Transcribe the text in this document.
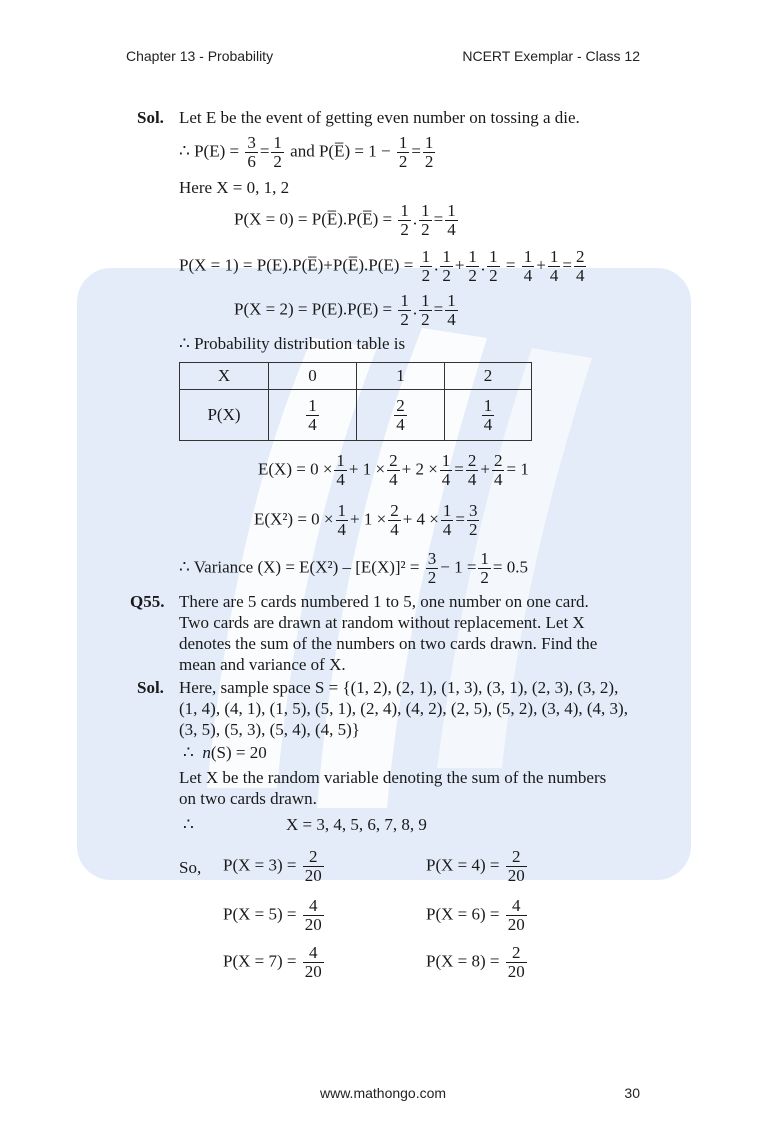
Chapter 13 - Probability	NCERT Exemplar - Class 12
Sol. Let E be the event of getting even number on tossing a die.
∴ $P(E) = \frac{3}{6} = \frac{1}{2}$ and P(E̅) = $1 - \frac{1}{2} = \frac{1}{2}$
Here X = 0, 1, 2
P(X = 0) = P(E̅).P(E̅) = $\frac{1}{2}$ . $\frac{1}{2} = \frac{1}{4}$
P(X = 1) = P(E).P(E̅)+P(E̅).P(E) = $\frac{1}{2}$ . $\frac{1}{2} + \frac{1}{2}$ . $\frac{1}{2} = \frac{1}{4} + \frac{1}{4} = \frac{2}{4}$
$P(X = 2) = P(E).P(E) = \frac{1}{2}$ . $\frac{1}{2} = \frac{1}{4}$
∴ Probability distribution table is
X	0	1	2
P(X)	$\frac{1}{4}$	$\frac{2}{4}$	$\frac{1}{4}$
$E(X) = 0 \times \frac{1}{4} + 1 \times \frac{2}{4} + 2 \times \frac{1}{4} = \frac{2}{4} + \frac{2}{4} = 1$
$E(X^2) = 0 \times \frac{1}{4} + 1 \times \frac{2}{4} + 4 \times \frac{1}{4} = \frac{3}{2}$
∴ Variance $(X) = E(X^2) - [E(X)]^2 = \frac{3}{2} - 1 = \frac{1}{2} = 0.5$
Q55. There are 5 cards numbered 1 to 5, one number on one card.
Two cards are drawn at random without replacement. Let X
denotes the sum of the numbers on two cards drawn. Find the
mean and variance of X.
Sol. Here, sample space S = {(1, 2), (2, 1), (1, 3), (3, 1), (2, 3), (3, 2),
(1, 4), (4, 1), (1, 5), (5, 1), (2, 4), (4, 2), (2, 5), (5, 2), (3, 4), (4, 3),
(3, 5), (5, 3), (5, 4), (4, 5)}
∴ n(S) = 20
Let X be the random variable denoting the sum of the numbers
on two cards drawn.
∴	X = 3, 4, 5, 6, 7, 8, 9
So, $P(X = 3) = \frac{2}{20}$	$P(X = 4) = \frac{2}{20}$
$P(X = 5) = \frac{4}{20}$	$P(X = 6) = \frac{4}{20}$
$P(X = 7) = \frac{4}{20}$	$P(X = 8) = \frac{2}{20}$
www.mathongo.com	30
